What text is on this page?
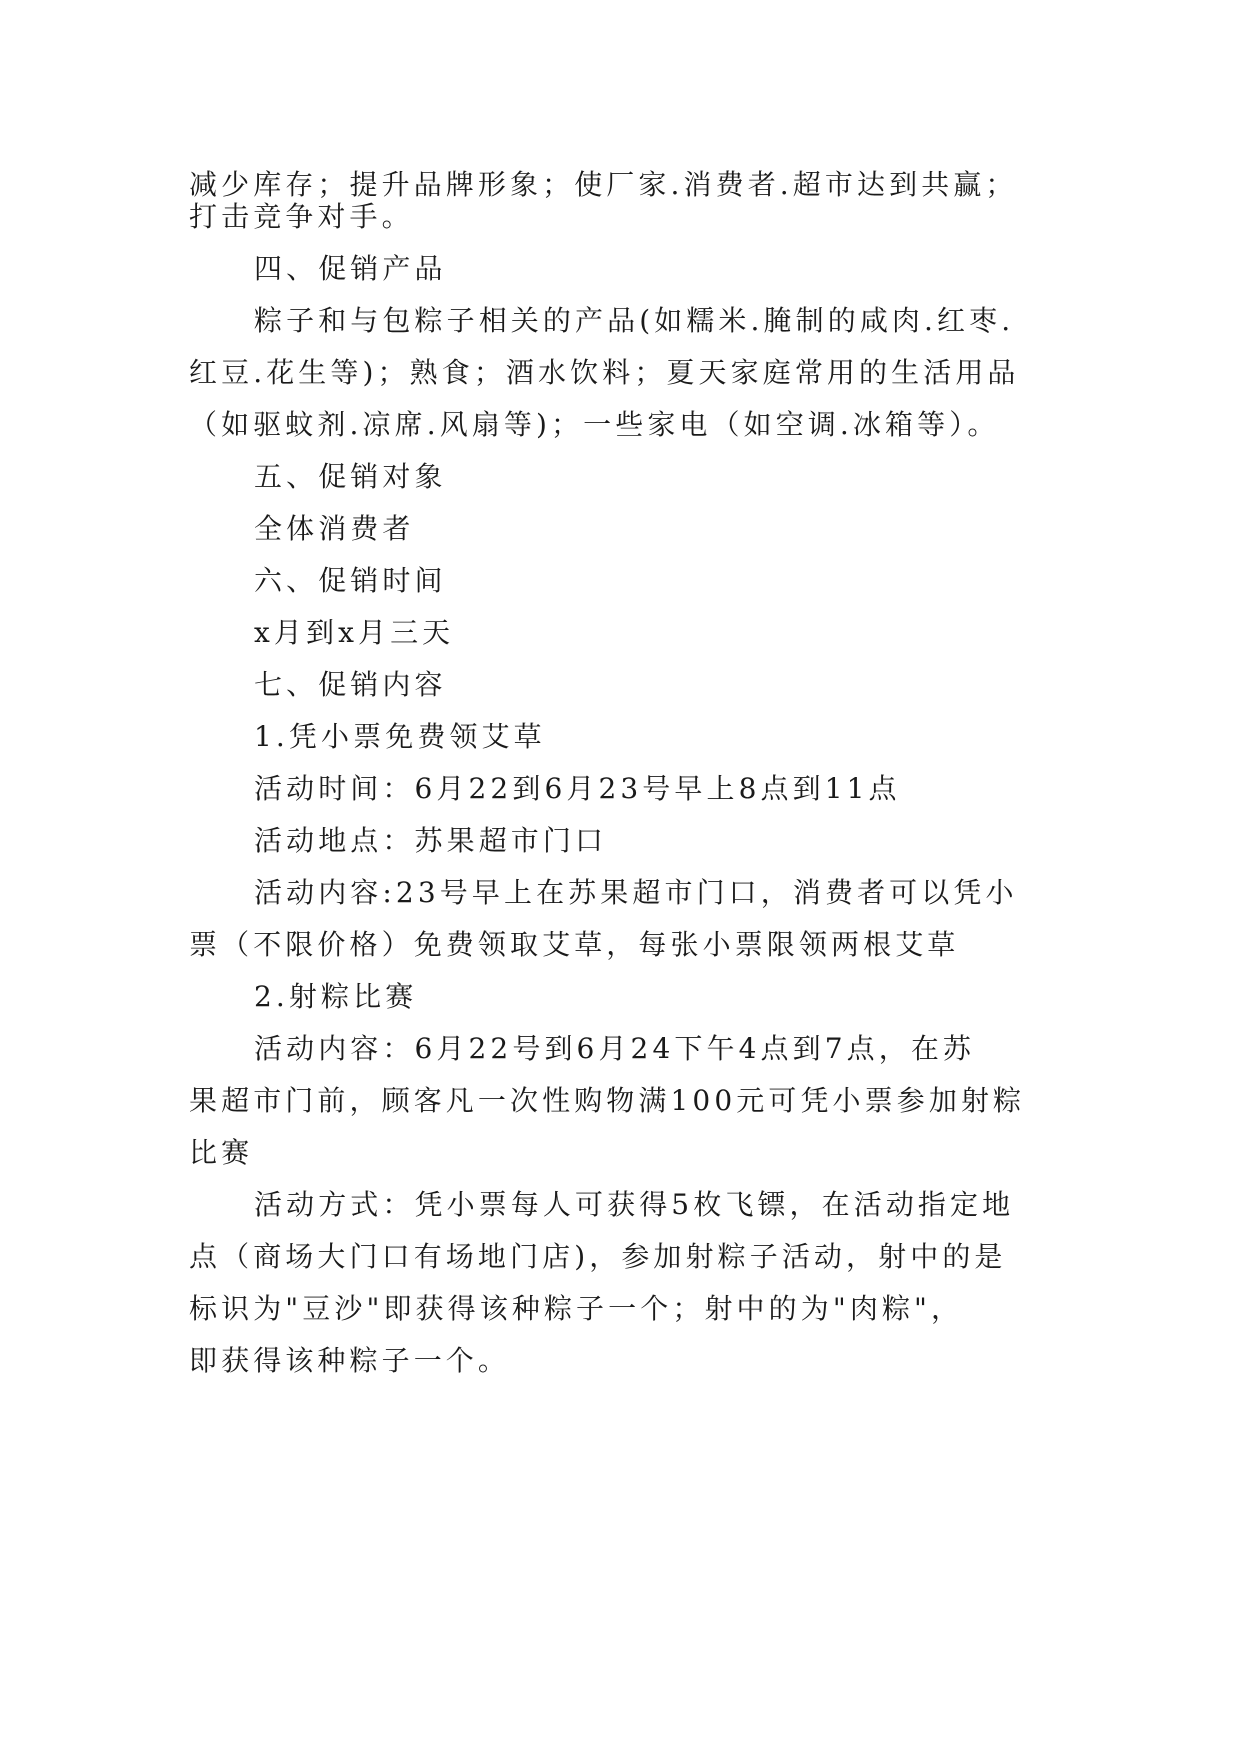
减少库存；提升品牌形象；使厂家.消费者.超市达到共赢；
打击竞争对手。
四、促销产品
粽子和与包粽子相关的产品(如糯米.腌制的咸肉.红枣.
红豆.花生等)；熟食；酒水饮料；夏天家庭常用的生活用品
（如驱蚊剂.凉席.风扇等)；一些家电（如空调.冰箱等）。
五、促销对象
全体消费者
六、促销时间
x月到x月三天
七、促销内容
1.凭小票免费领艾草
活动时间：6月22到6月23号早上8点到11点
活动地点：苏果超市门口
活动内容:23号早上在苏果超市门口，消费者可以凭小
票（不限价格）免费领取艾草，每张小票限领两根艾草
2.射粽比赛
活动内容：6月22号到6月24下午4点到7点，在苏
果超市门前，顾客凡一次性购物满100元可凭小票参加射粽
比赛
活动方式：凭小票每人可获得5枚飞镖，在活动指定地
点（商场大门口有场地门店)，参加射粽子活动，射中的是
标识为"豆沙"即获得该种粽子一个；射中的为"肉粽"，
即获得该种粽子一个。
